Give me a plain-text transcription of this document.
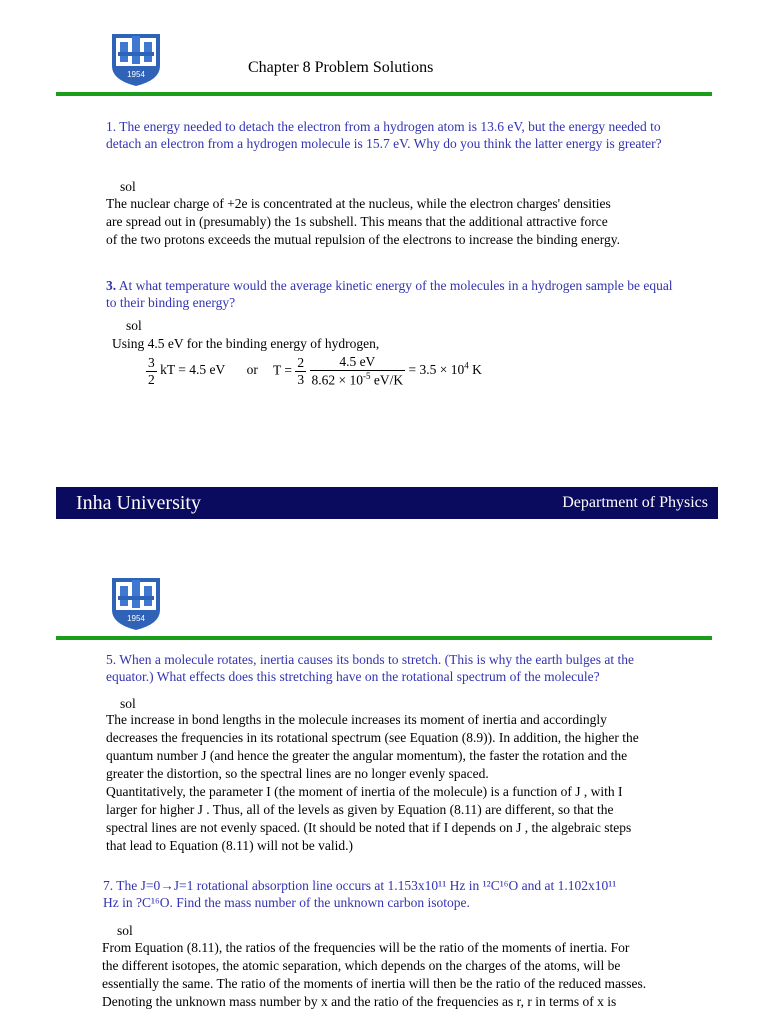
1954	Chapter 8 Problem Solutions
1. The energy needed to detach the electron from a hydrogen atom is 13.6 eV, but the energy needed to detach an electron from a hydrogen molecule is 15.7 eV. Why do you think the latter energy is greater?
sol
The nuclear charge of +2e is concentrated at the nucleus, while the electron charges' densities
are spread out in (presumably) the 1s subshell. This means that the additional attractive force
of the two protons exceeds the mutual repulsion of the electrons to increase the binding energy.
3. At what temperature would the average kinetic energy of the molecules in a hydrogen sample be equal to their binding energy?
sol
Using 4.5 eV for the binding energy of hydrogen,
$\frac{3}{2}$ kT = 4.5 eV or $T = \frac{2}{3}$
$\frac{4.5 eV}{8.62 \times 10^{-5} eV/K} = 3.5 \times 10^4$ K
Inha University	Department of Physics
1954
5. When a molecule rotates, inertia causes its bonds to stretch. (This is why the earth bulges at the equator.) What effects does this stretching have on the rotational spectrum of the molecule?
sol
The increase in bond lengths in the molecule increases its moment of inertia and accordingly
decreases the frequencies in its rotational spectrum (see Equation (8.9)). In addition, the higher the
quantum number J (and hence the greater the angular momentum), the faster the rotation and the
greater the distortion, so the spectral lines are no longer evenly spaced.
Quantitatively, the parameter I (the moment of inertia of the molecule) is a function of J , with I
larger for higher J . Thus, all of the levels as given by Equation (8.11) are different, so that the
spectral lines are not evenly spaced. (It should be noted that if I depends on J , the algebraic steps
that lead to Equation (8.11) will not be valid.)
7. The J=0→J=1 rotational absorption line occurs at 1.153x10¹¹ Hz in ¹²C¹⁶O and at 1.102x10¹¹
Hz in ?C¹⁶O. Find the mass number of the unknown carbon isotope.
sol
From Equation (8.11), the ratios of the frequencies will be the ratio of the moments of inertia. For
the different isotopes, the atomic separation, which depends on the charges of the atoms, will be
essentially the same. The ratio of the moments of inertia will then be the ratio of the reduced masses.
Denoting the unknown mass number by x and the ratio of the frequencies as r, r in terms of x is
